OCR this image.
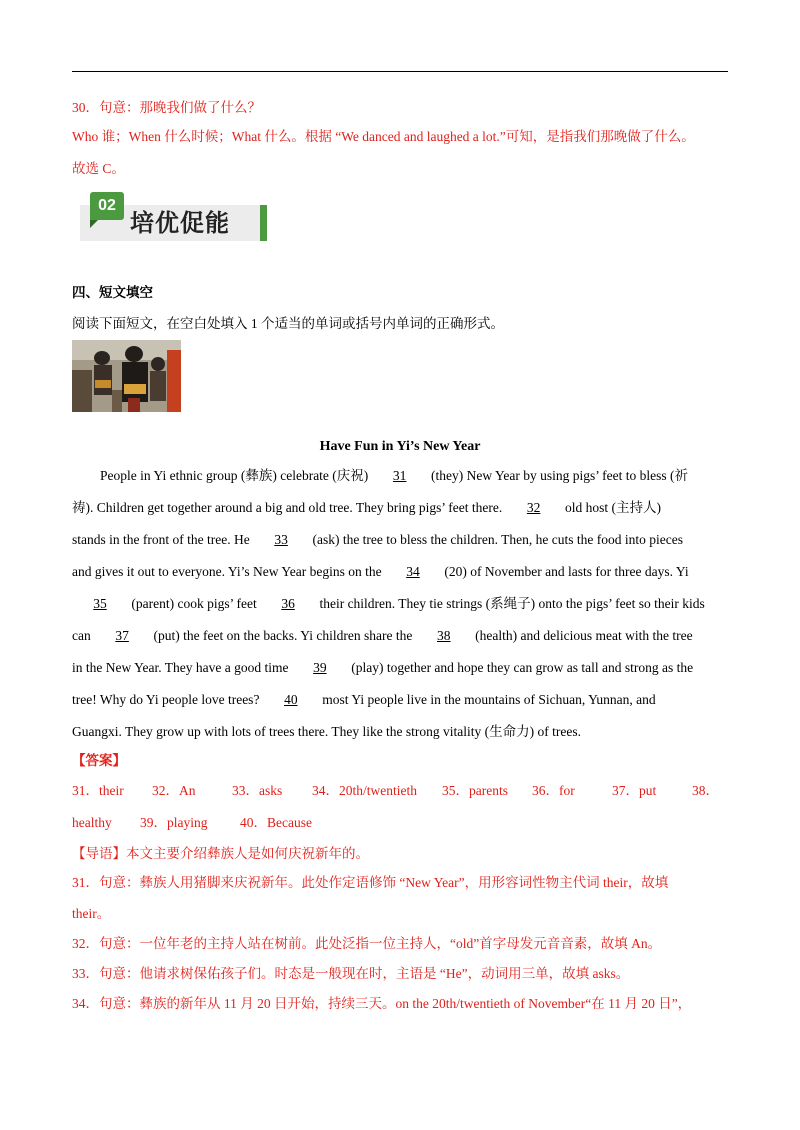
30．句意：那晚我们做了什么？
Who 谁；When 什么时候；What 什么。根据 “We danced and laughed a lot.”可知，是指我们那晚做了什么。
故选 C。
02
培优促能
四、短文填空
阅读下面短文，在空白处填入 1 个适当的单词或括号内单词的正确形式。
Have Fun in Yi’s New Year
People in Yi ethnic group (彝族) celebrate (庆祝) 31 (they) New Year by using pigs’ feet to bless (祈
祷). Children get together around a big and old tree. They bring pigs’ feet there. 32 old host (主持人)
stands in the front of the tree. He 33 (ask) the tree to bless the children. Then, he cuts the food into pieces
and gives it out to everyone. Yi’s New Year begins on the 34 (20) of November and lasts for three days. Yi
35 (parent) cook pigs’ feet 36 their children. They tie strings (系绳子) onto the pigs’ feet so their kids
can 37 (put) the feet on the backs. Yi children share the 38 (health) and delicious meat with the tree
in the New Year. They have a good time 39 (play) together and hope they can grow as tall and strong as the
tree! Why do Yi people love trees? 40 most Yi people live in the mountains of Sichuan, Yunnan, and
Guangxi. They grow up with lots of trees there. They like the strong vitality (生命力) of trees.
【答案】
31．their 32．An	33．asks 34．20th/twentieth 35．parents 36．for	37．put	38．
healthy 39．playing 40．Because
【导语】本文主要介绍彝族人是如何庆祝新年的。
31．句意：彝族人用猪脚来庆祝新年。此处作定语修饰 “New Year”，用形容词性物主代词 their，故填
their。
32．句意：一位年老的主持人站在树前。此处泛指一位主持人，“old”首字母发元音音素，故填 An。
33．句意：他请求树保佑孩子们。时态是一般现在时，主语是 “He”，动词用三单，故填 asks。
34．句意：彝族的新年从 11 月 20 日开始，持续三天。on the 20th/twentieth of November“在 11 月 20 日”，
